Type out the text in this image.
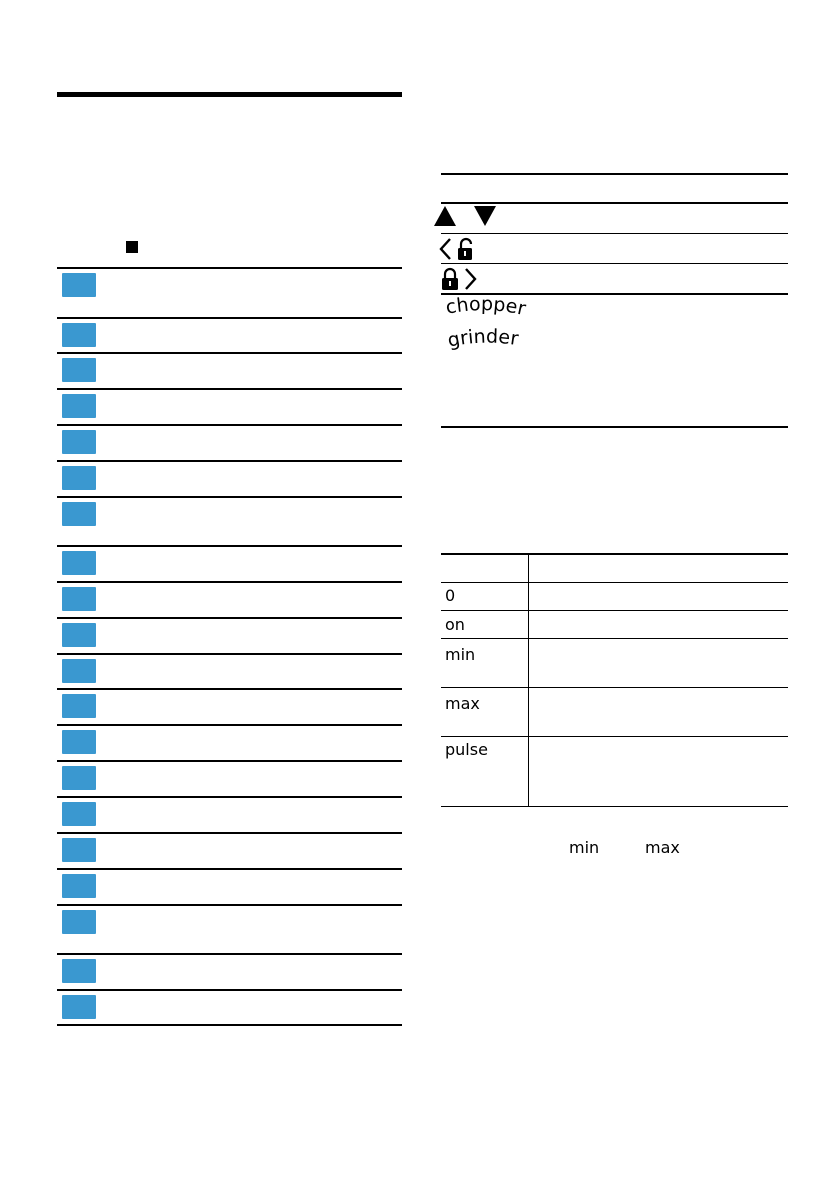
chopper
grinder
0
on
min
max
pulse
min	max
